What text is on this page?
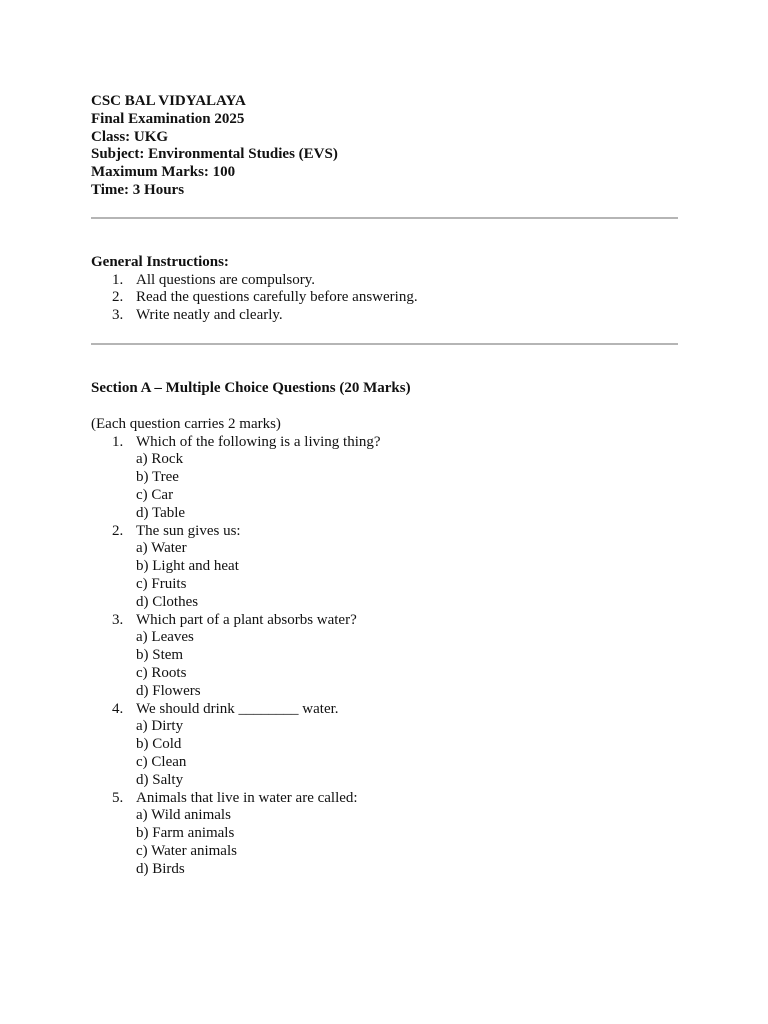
CSC BAL VIDYALAYA
Final Examination 2025
Class: UKG
Subject: Environmental Studies (EVS)
Maximum Marks: 100
Time: 3 Hours
General Instructions:
1. All questions are compulsory.
2. Read the questions carefully before answering.
3. Write neatly and clearly.
Section A – Multiple Choice Questions (20 Marks)
(Each question carries 2 marks)
1. Which of the following is a living thing?
a) Rock
b) Tree
c) Car
d) Table
2. The sun gives us:
a) Water
b) Light and heat
c) Fruits
d) Clothes
3. Which part of a plant absorbs water?
a) Leaves
b) Stem
c) Roots
d) Flowers
4. We should drink ________ water.
a) Dirty
b) Cold
c) Clean
d) Salty
5. Animals that live in water are called:
a) Wild animals
b) Farm animals
c) Water animals
d) Birds
